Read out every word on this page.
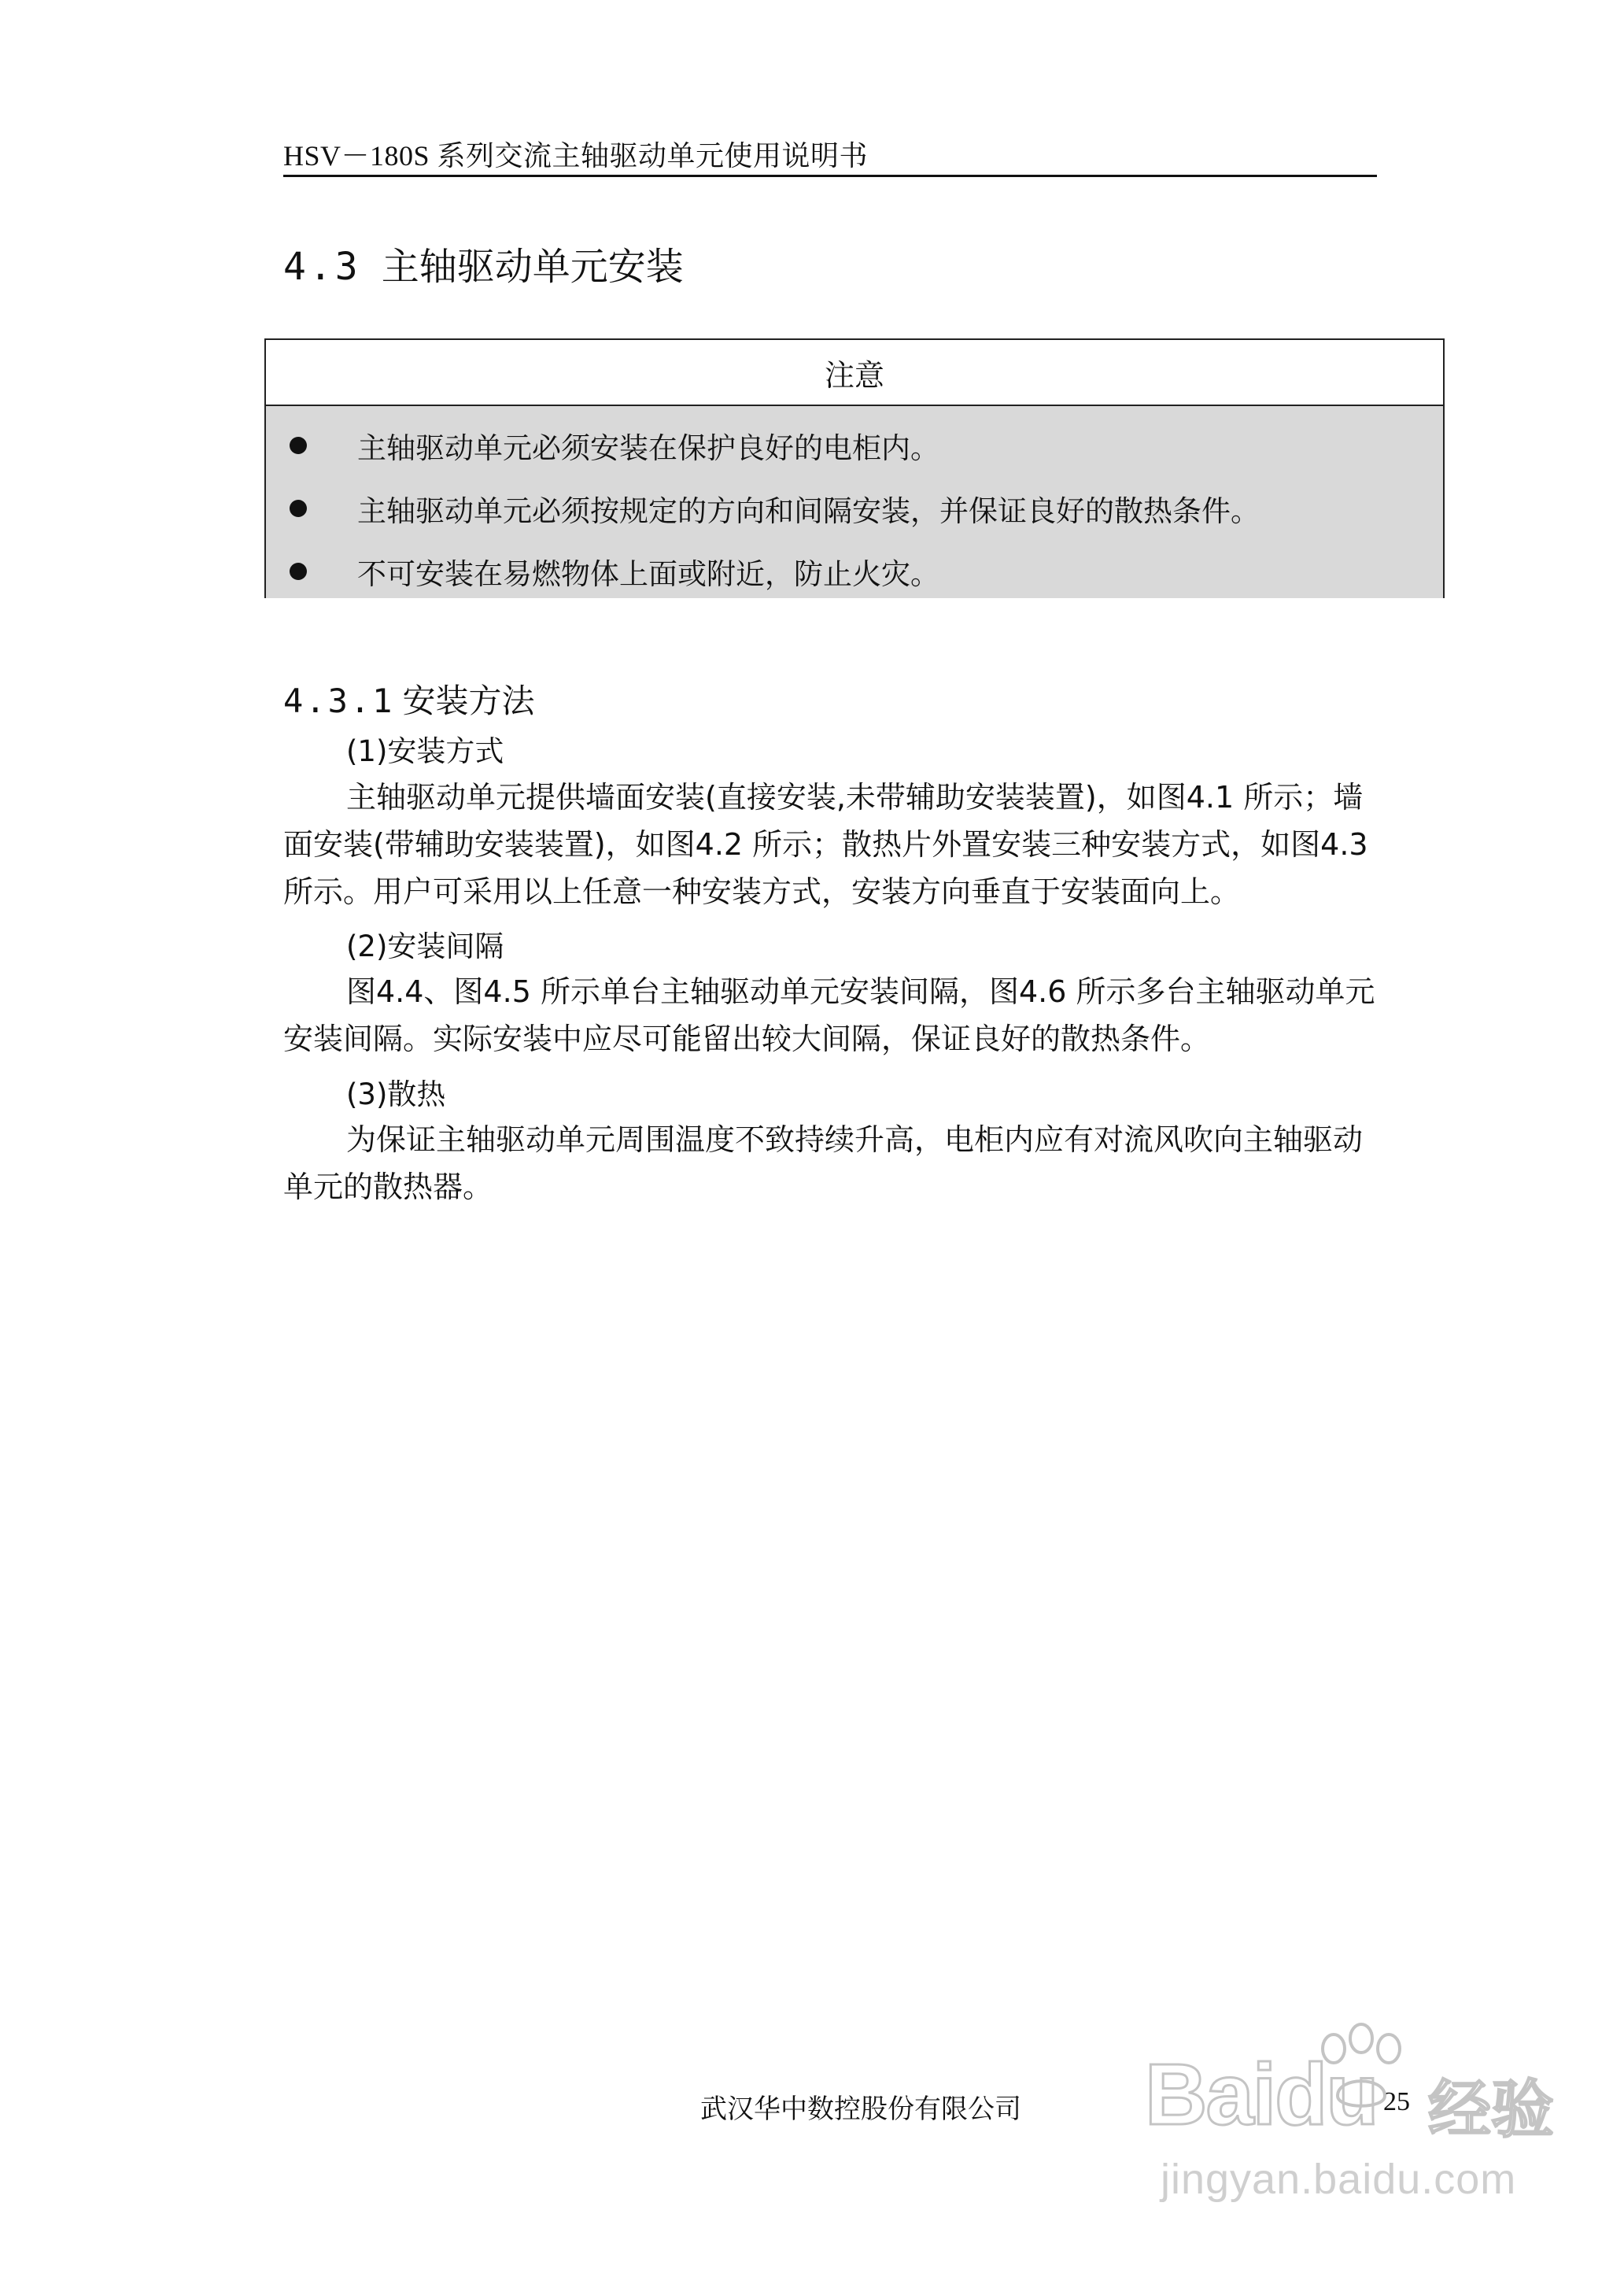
HSV－180S 系列交流主轴驱动单元使用说明书
4.3 主轴驱动单元安装
注意
主轴驱动单元必须安装在保护良好的电柜内。
主轴驱动单元必须按规定的方向和间隔安装，并保证良好的散热条件。
不可安装在易燃物体上面或附近，防止火灾。
4.3.1 安装方法
(1)安装方式
主轴驱动单元提供墙面安装(直接安装,未带辅助安装装置)，如图4.1 所示；墙
面安装(带辅助安装装置)，如图4.2 所示；散热片外置安装三种安装方式，如图4.3
所示。用户可采用以上任意一种安装方式，安装方向垂直于安装面向上。
(2)安装间隔
图4.4、图4.5 所示单台主轴驱动单元安装间隔，图4.6 所示多台主轴驱动单元
安装间隔。实际安装中应尽可能留出较大间隔，保证良好的散热条件。
(3)散热
为保证主轴驱动单元周围温度不致持续升高，电柜内应有对流风吹向主轴驱动
单元的散热器。
武汉华中数控股份有限公司	25
Baidu 经验
jingyan.baidu.com
